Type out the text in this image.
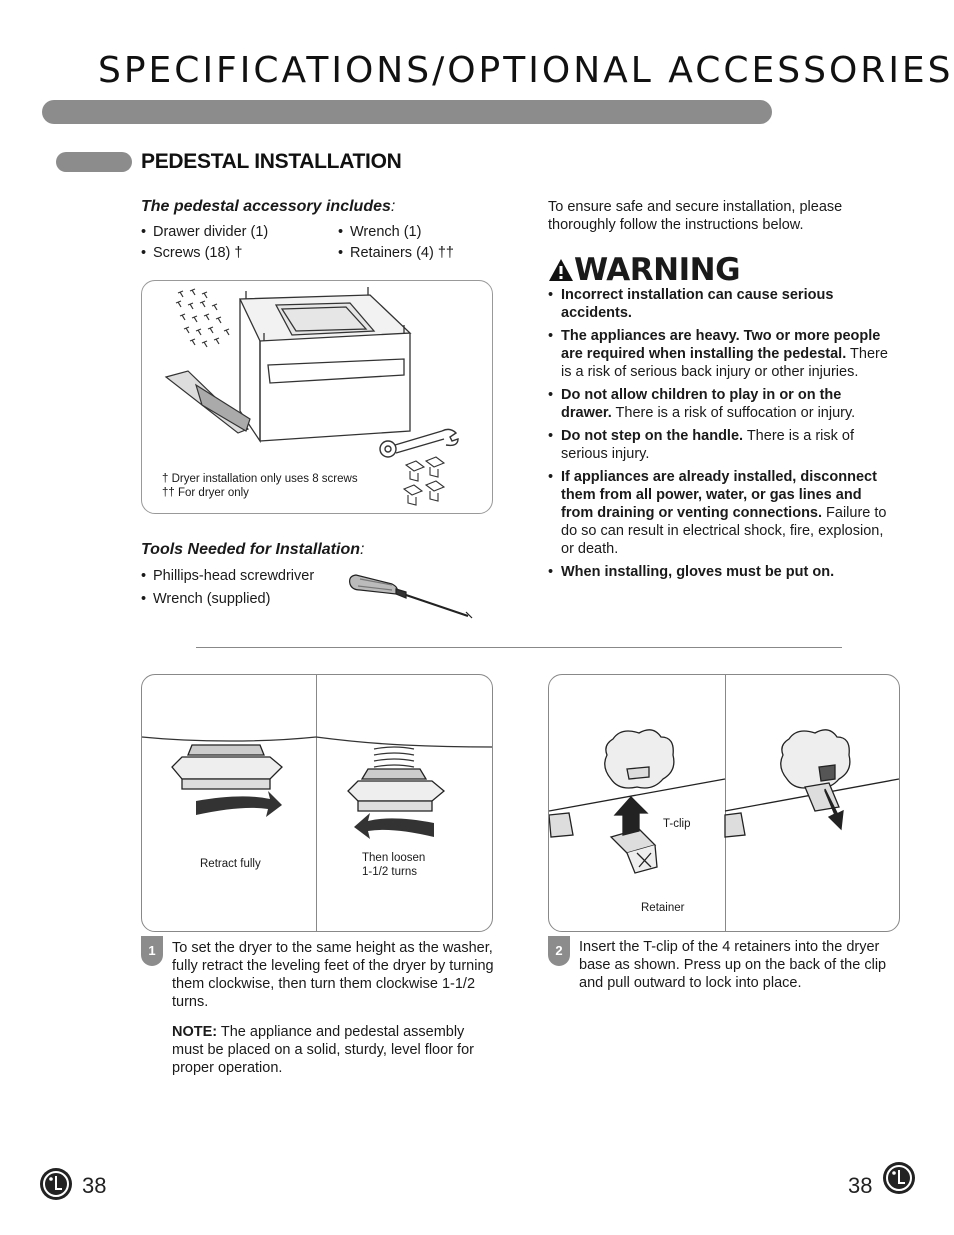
SPECIFICATIONS/OPTIONAL ACCESSORIES
PEDESTAL INSTALLATION
The pedestal accessory includes:
• Drawer divider (1)
• Screws (18) †
• Wrench (1)
• Retainers (4) ††
† Dryer installation only uses 8 screws
†† For dryer only
Tools Needed for Installation:
• Phillips-head screwdriver
• Wrench (supplied)
To ensure safe and secure installation, please thoroughly follow the instructions below.
WARNING
• Incorrect installation can cause serious accidents.
• The appliances are heavy. Two or more people are required when installing the pedestal. There is a risk of serious back injury or other injuries.
• Do not allow children to play in or on the drawer. There is a risk of suffocation or injury.
• Do not step on the handle. There is a risk of serious injury.
• If appliances are already installed, disconnect them from all power, water, or gas lines and from draining or venting connections. Failure to do so can result in electrical shock, fire, explosion, or death.
• When installing, gloves must be put on.
Retract fully	Then loosen
1-1/2 turns
1	To set the dryer to the same height as the washer, fully retract the leveling feet of the dryer by turning them clockwise, then turn them clockwise 1-1/2 turns.
NOTE: The appliance and pedestal assembly must be placed on a solid, sturdy, level floor for proper operation.
T-clip
Retainer
2	Insert the T-clip of the 4 retainers into the dryer base as shown. Press up on the back of the clip and pull outward to lock into place.
38	38
